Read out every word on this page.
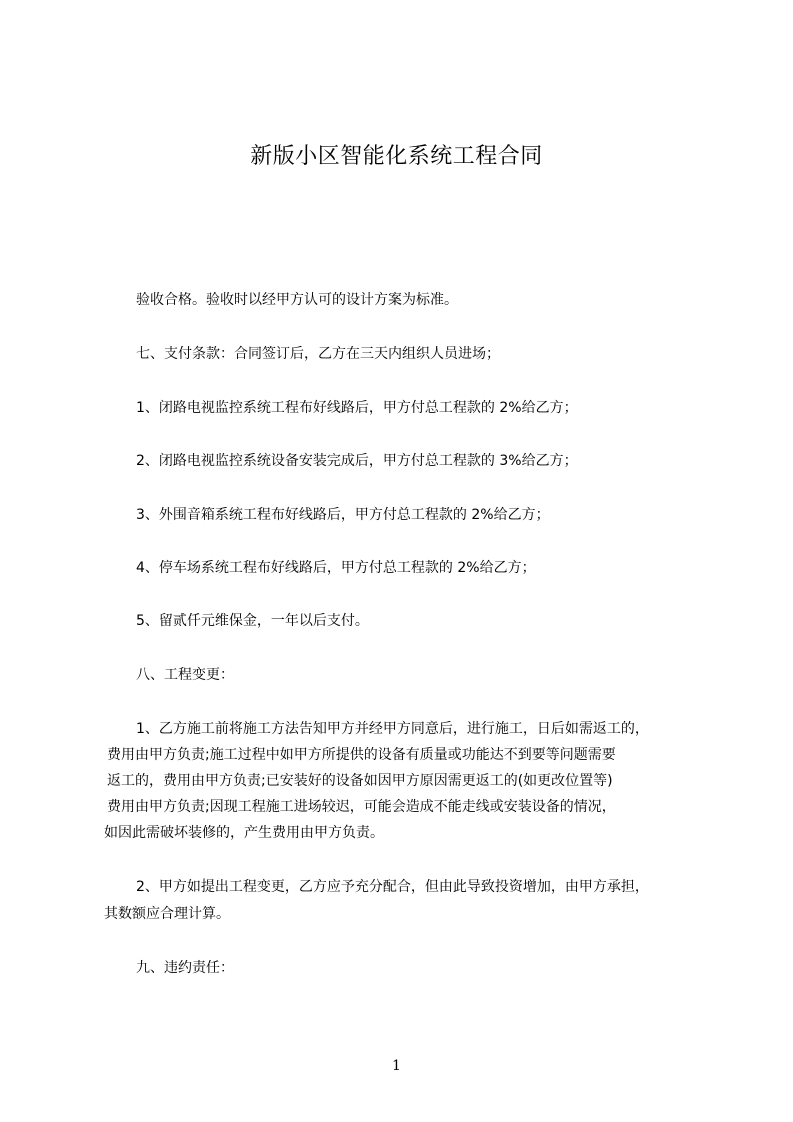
新版小区智能化系统工程合同
验收合格。验收时以经甲方认可的设计方案为标准。
七、支付条款：合同签订后，乙方在三天内组织人员进场；
1、闭路电视监控系统工程布好线路后，甲方付总工程款的 2%给乙方；
2、闭路电视监控系统设备安装完成后，甲方付总工程款的 3%给乙方；
3、外围音箱系统工程布好线路后，甲方付总工程款的 2%给乙方；
4、停车场系统工程布好线路后，甲方付总工程款的 2%给乙方；
5、留贰仟元维保金，一年以后支付。
八、工程变更：
1、乙方施工前将施工方法告知甲方并经甲方同意后，进行施工，日后如需返工的，
费用由甲方负责;施工过程中如甲方所提供的设备有质量或功能达不到要等问题需要
返工的，费用由甲方负责;已安装好的设备如因甲方原因需更返工的(如更改位置等)
费用由甲方负责;因现工程施工进场较迟，可能会造成不能走线或安装设备的情况，
如因此需破坏装修的，产生费用由甲方负责。
2、甲方如提出工程变更，乙方应予充分配合，但由此导致投资增加，由甲方承担，
其数额应合理计算。
九、违约责任：
1
